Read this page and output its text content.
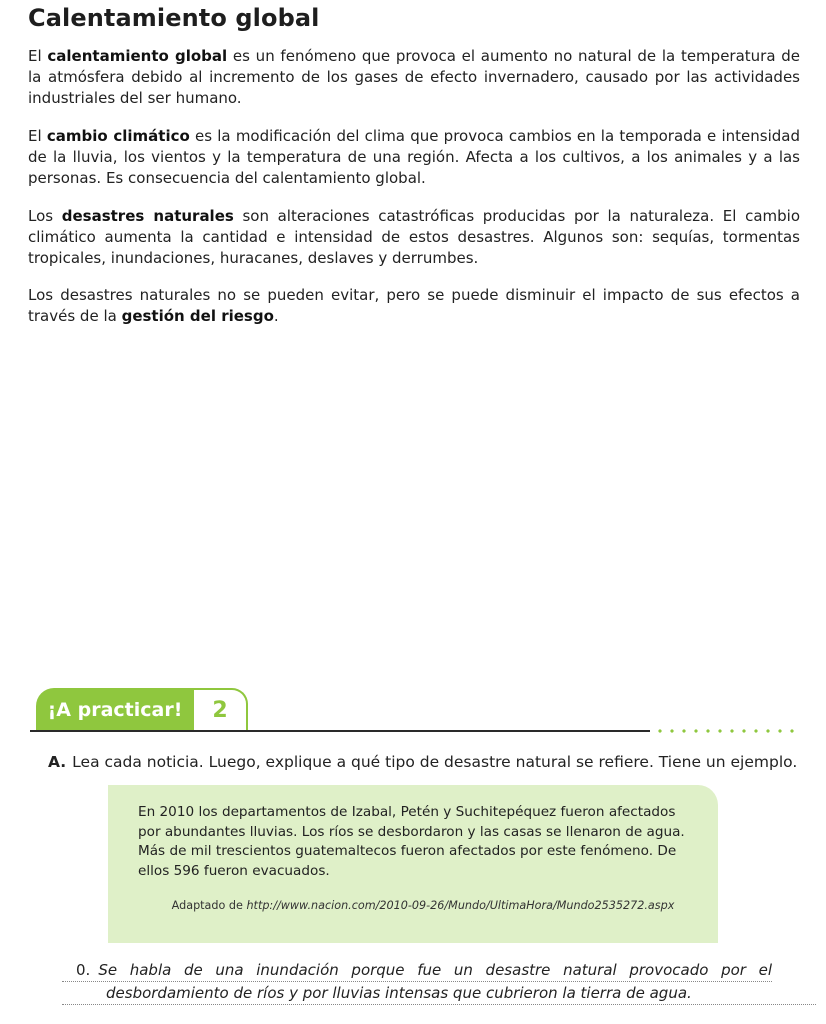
Calentamiento global

El calentamiento global es un fenómeno que provoca el aumento no natural de la temperatura de la atmósfera debido al incremento de los gases de efecto invernadero, causado por las actividades industriales del ser humano.

El cambio climático es la modificación del clima que provoca cambios en la temporada e intensidad de la lluvia, los vientos y la temperatura de una región. Afecta a los cultivos, a los animales y a las personas. Es consecuencia del calentamiento global.

Los desastres naturales son alteraciones catastróficas producidas por la naturaleza. El cambio climático aumenta la cantidad e intensidad de estos desastres. Algunos son: sequías, tormentas tropicales, inundaciones, huracanes, deslaves y derrumbes.

Los desastres naturales no se pueden evitar, pero se puede disminuir el impacto de sus efectos a través de la gestión del riesgo.

¡A practicar!	2

A. Lea cada noticia. Luego, explique a qué tipo de desastre natural se refiere. Tiene un ejemplo.

En 2010 los departamentos de Izabal, Petén y Suchitepéquez fueron afectados por abundantes lluvias. Los ríos se desbordaron y las casas se llenaron de agua. Más de mil trescientos guatemaltecos fueron afectados por este fenómeno. De ellos 596 fueron evacuados.

Adaptado de http://www.nacion.com/2010-09-26/Mundo/UltimaHora/Mundo2535272.aspx

0. Se habla de una inundación porque fue un desastre natural provocado por el
desbordamiento de ríos y por lluvias intensas que cubrieron la tierra de agua.
